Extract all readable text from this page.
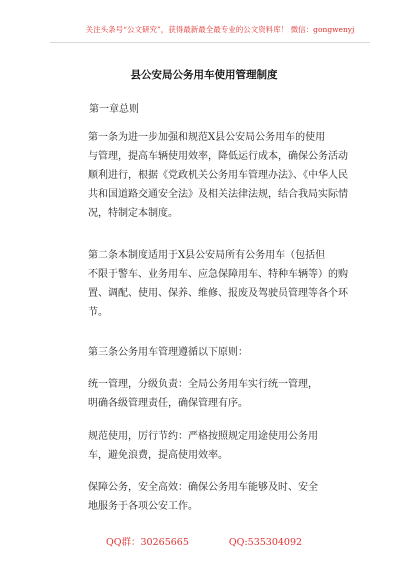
关注头条号“公文研究”，获得最新最全最专业的公文资料库！ 微信：gongwenyj
县公安局公务用车使用管理制度
第一章总则
第一条为进一步加强和规范X县公安局公务用车的使用
与管理，提高车辆使用效率，降低运行成本，确保公务活动顺利进行，根据《党政机关公务用车管理办法》、《中华人民共和国道路交通安全法》及相关法律法规，结合我局实际情况，特制定本制度。
第二条本制度适用于X县公安局所有公务用车（包括但
不限于警车、业务用车、应急保障用车、特种车辆等）的购置、调配、使用、保养、维修、报废及驾驶员管理等各个环节。
第三条公务用车管理遵循以下原则：
统一管理，分级负责：全局公务用车实行统一管理，
明确各级管理责任，确保管理有序。
规范使用，厉行节约：严格按照规定用途使用公务用
车，避免浪费，提高使用效率。
保障公务，安全高效：确保公务用车能够及时、安全
地服务于各项公安工作。
QQ群：30265665	QQ:535304092
